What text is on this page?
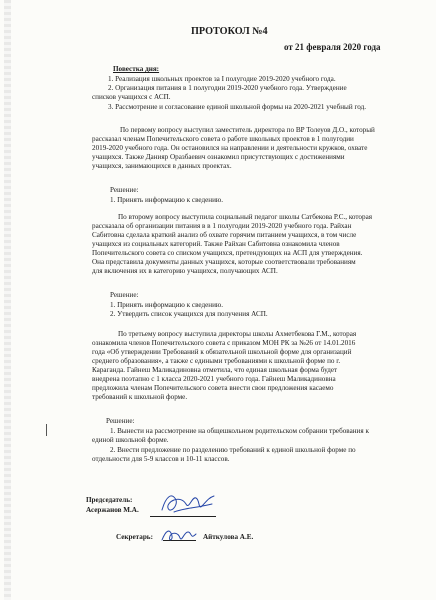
ПРОТОКОЛ №4

от 21 февраля 2020 года

Повестка дня:

1. Реализация школьных проектов за I полугодие 2019-2020 учебного года.

2. Организация питания в 1 полугодии 2019-2020 учебного года. Утверждение

списков учащихся с АСП.

3. Рассмотрение и согласование единой школьной формы на 2020-2021 учебный год.

По первому вопросу выступил заместитель директора по ВР Толеуов Д.О., который

рассказал членам Попечительского совета о работе школьных проектов в 1 полугодии

2019-2020 учебного года. Он остановился на направлении и деятельности кружков, охвате

учащихся. Также Данияр Оразбаевич ознакомил присутствующих с достижениями

учащихся, занимающихся в данных проектах.

Решение:

1. Принять информацию к сведению.

По второму вопросу выступила социальный педагог школы Сатбекова Р.С., которая

рассказала об организации питания в в 1 полугодии 2019-2020 учебного года. Райхан

Сабитовна сделала краткий анализ об охвате горячим питанием учащихся, в том числе

учащихся из социальных категорий. Также Райхан Сабитовна ознакомила членов

Попечительского совета со списком учащихся, претендующих на АСП для утверждения.

Она представила документы данных учащихся, которые соответствовали требованиям

для включения их в категорию учащихся, получающих АСП.

Решение:

1. Принять информацию к сведению.

2. Утвердить список учащихся для получения АСП.

По третьему вопросу выступила директоры школы Ахметбекова Г.М., которая

ознакомила членов Попечительского совета с приказом МОН РК за №26 от 14.01.2016

года «Об утверждении Требований к обязательной школьной форме для организаций

среднего образования», а также с едиными требованиями к школьной форме по г.

Караганда. Гайнеш Маликадиновна отметила, что единая школьная форма будет

внедрена поэтапно с 1 класса 2020-2021 учебного года. Гайнеш Маликадиновна

предложила членам Попечительского совета внести свои предложения касаемо

требований к школьной форме.

Решение:

1. Вынести на рассмотрение на общешкольном родительском собрании требования к

единой школьной форме.

2. Внести предложение по разделению требований к единой школьной форме по

отдельности для 5-9 классов и 10-11 классов.

Председатель:

Асержанов М.А.

Секретарь:	Айткулова А.Е.
